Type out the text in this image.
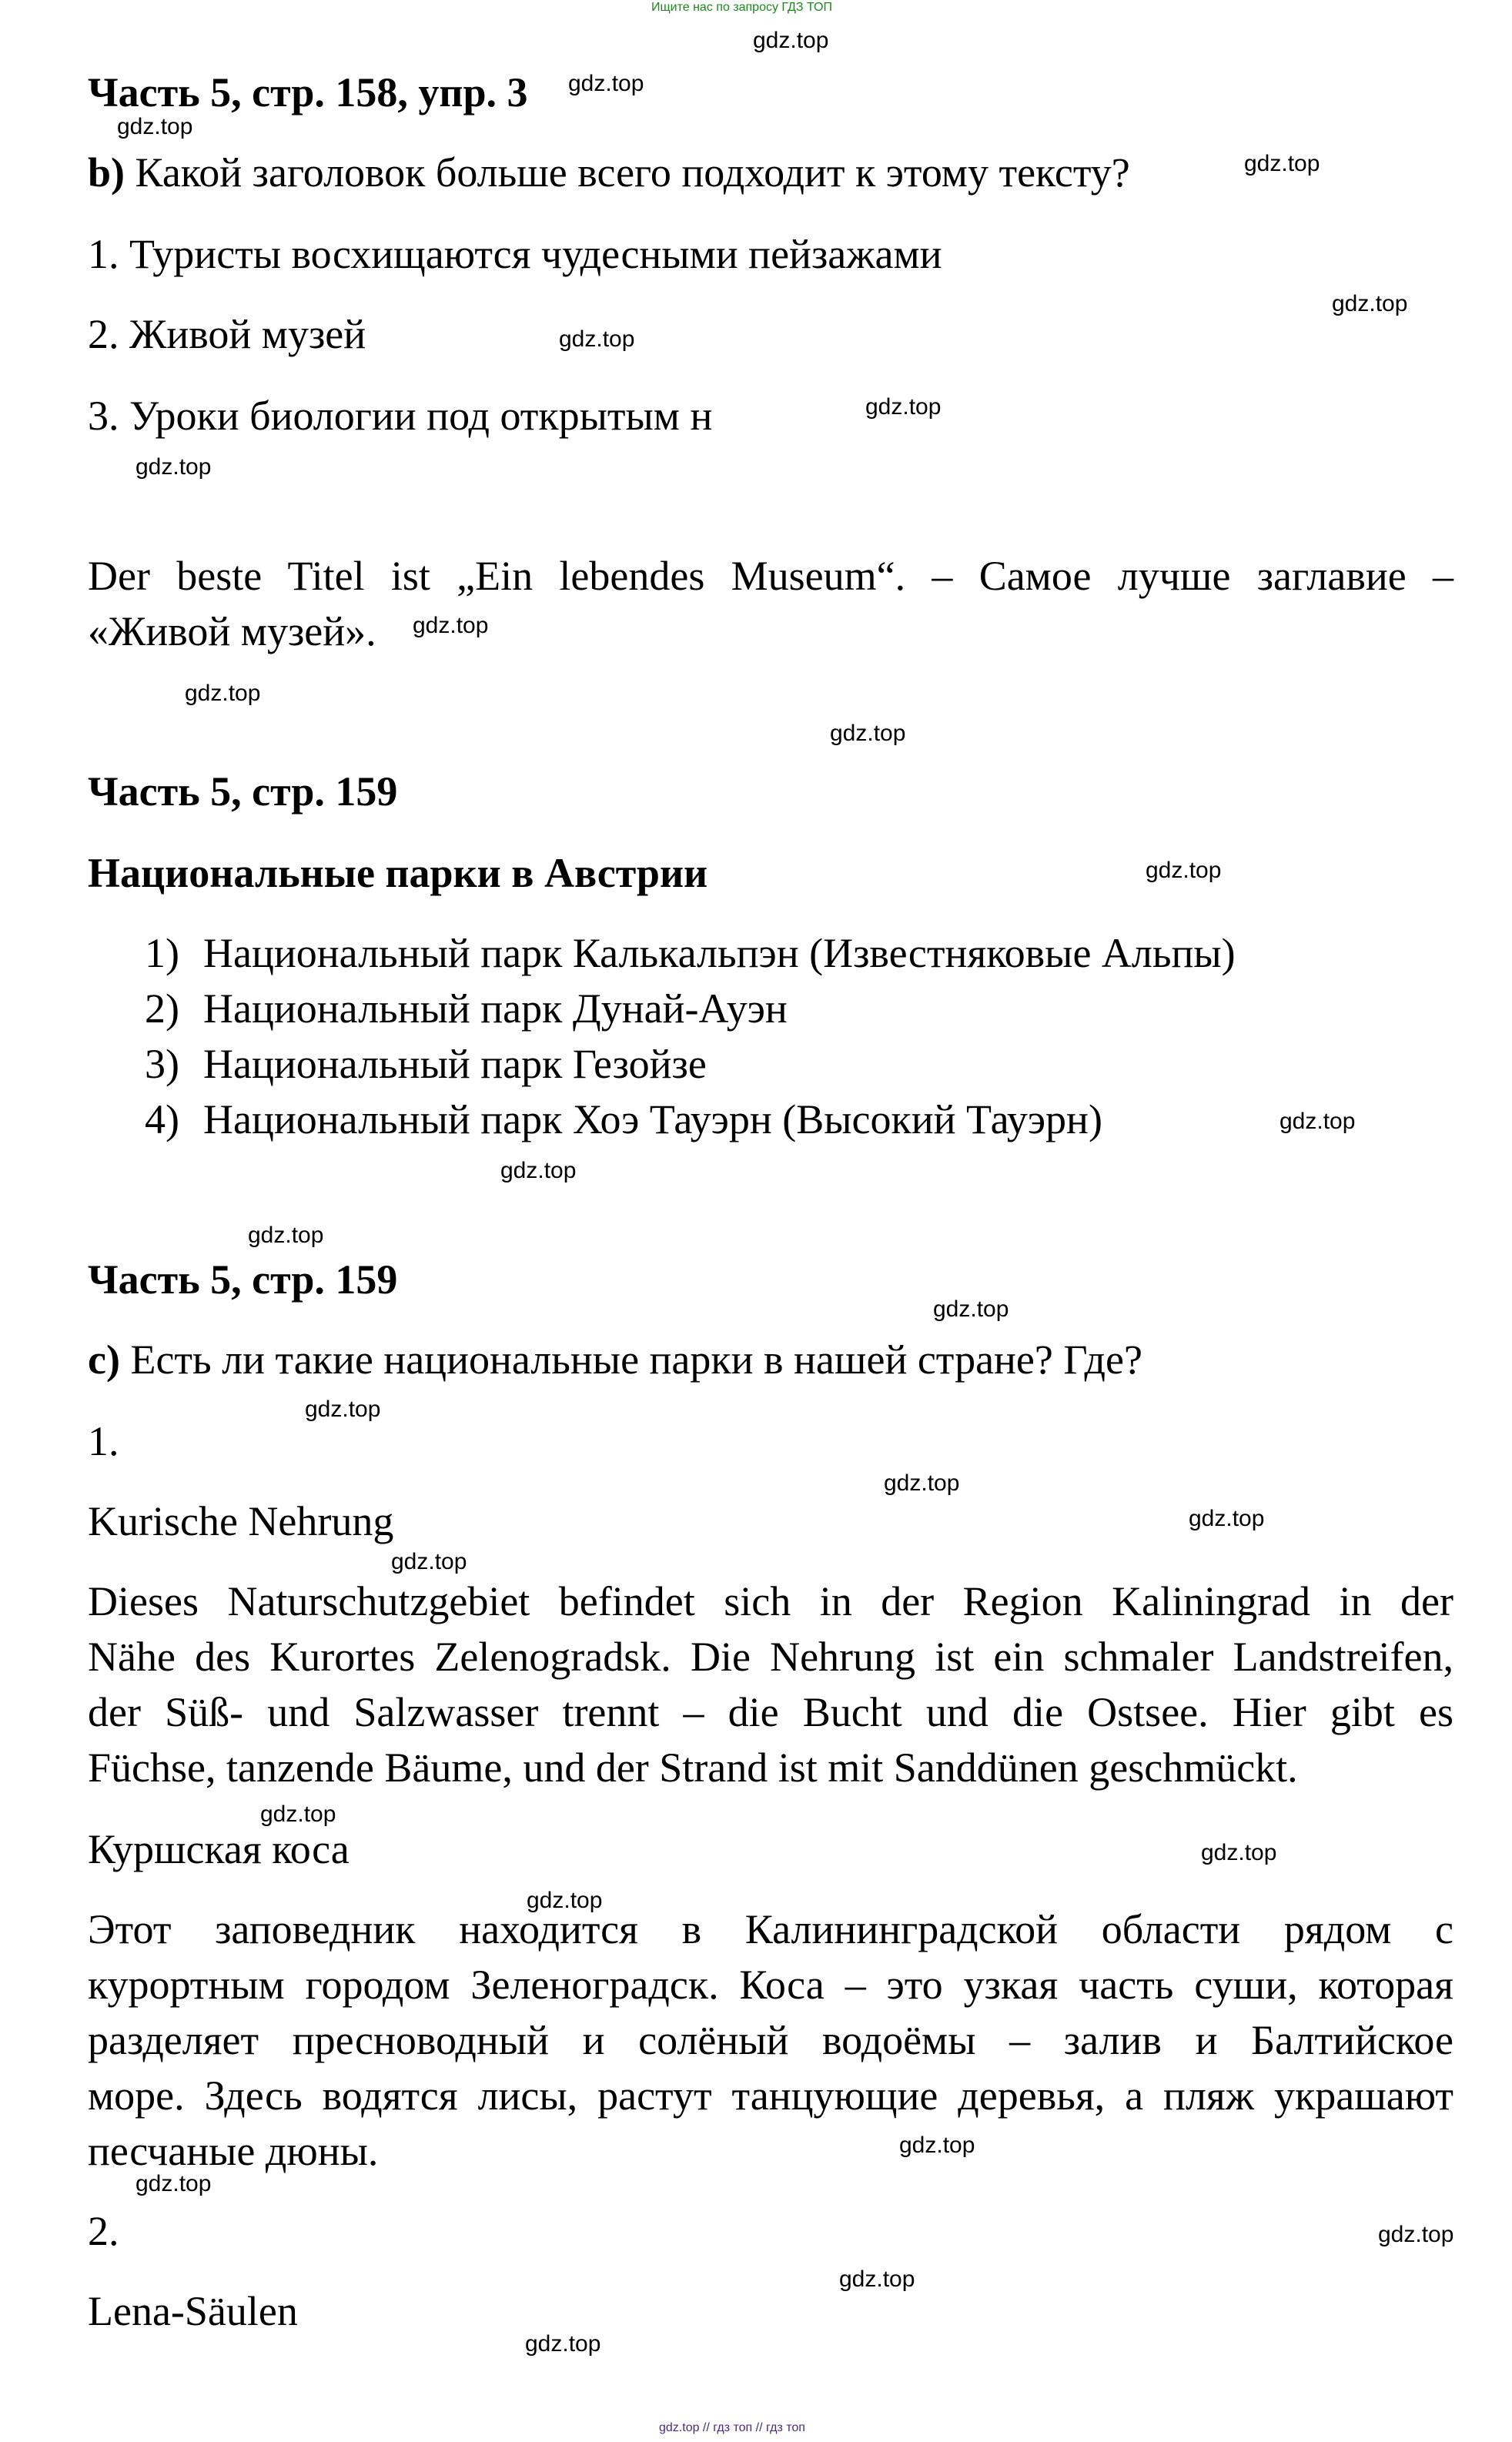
Ищите нас по запросу ГДЗ ТОП
Часть 5, стр. 158, упр. 3
b) Какой заголовок больше всего подходит к этому тексту?
1. Туристы восхищаются чудесными пейзажами
2. Живой музей
3. Уроки биологии под открытым н
Der beste Titel ist „Ein lebendes Museum“. – Самое лучше заглавие –
«Живой музей».
Часть 5, стр. 159
Национальные парки в Австрии
1) Национальный парк Калькальпэн (Известняковые Альпы)
2) Национальный парк Дунай-Ауэн
3) Национальный парк Гезойзе
4) Национальный парк Хоэ Тауэрн (Высокий Тауэрн)
Часть 5, стр. 159
c) Есть ли такие национальные парки в нашей стране? Где?
1.
Kurische Nehrung
Dieses Naturschutzgebiet befindet sich in der Region Kaliningrad in der
Nähe des Kurortes Zelenogradsk. Die Nehrung ist ein schmaler Landstreifen,
der Süß- und Salzwasser trennt – die Bucht und die Ostsee. Hier gibt es
Füchse, tanzende Bäume, und der Strand ist mit Sanddünen geschmückt.
Куршская коса
Этот заповедник находится в Калининградской области рядом с
курортным городом Зеленоградск. Коса – это узкая часть суши, которая
разделяет пресноводный и солёный водоёмы – залив и Балтийское
море. Здесь водятся лисы, растут танцующие деревья, а пляж украшают
песчаные дюны.
2.
Lena-Säulen
gdz.top
gdz.top
gdz.top
gdz.top
gdz.top
gdz.top
gdz.top
gdz.top
gdz.top
gdz.top
gdz.top
gdz.top
gdz.top
gdz.top
gdz.top
gdz.top
gdz.top
gdz.top
gdz.top
gdz.top
gdz.top
gdz.top
gdz.top
gdz.top
gdz.top
gdz.top
gdz.top
gdz.top
gdz.top // гдз топ // гдз топ
